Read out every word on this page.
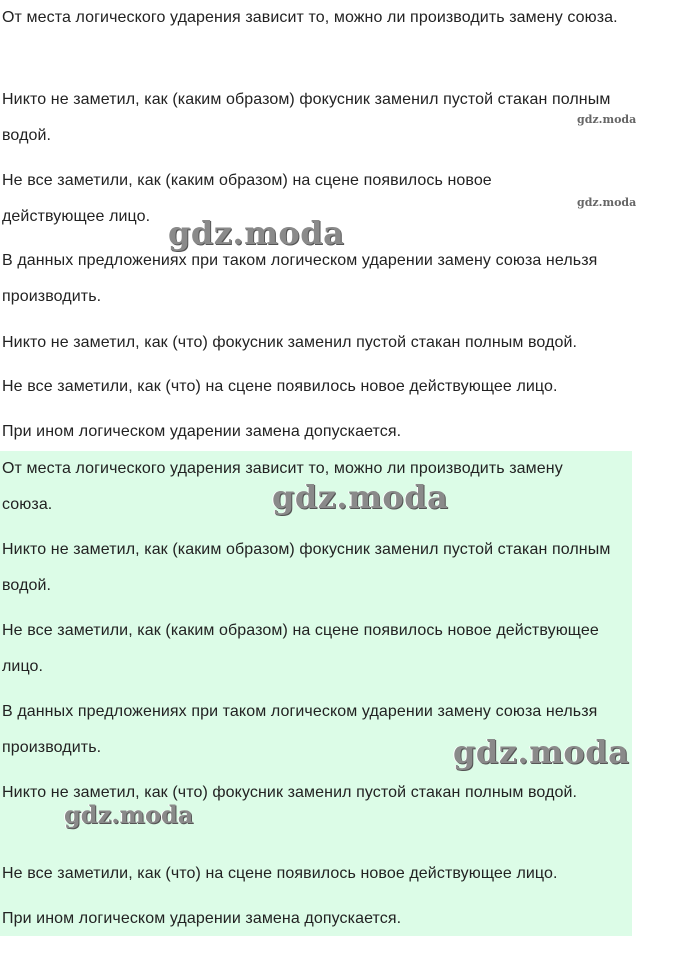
От места логического ударения зависит то, можно ли производить замену союза.

Никто не заметил, как (каким образом) фокусник заменил пустой стакан полным водой.

Не все заметили, как (каким образом) на сцене появилось новое действующее лицо.

В данных предложениях при таком логическом ударении замену союза нельзя производить.

Никто не заметил, как (что) фокусник заменил пустой стакан полным водой.

Не все заметили, как (что) на сцене появилось новое действующее лицо.

При ином логическом ударении замена допускается.

От места логического ударения зависит то, можно ли производить замену союза.

Никто не заметил, как (каким образом) фокусник заменил пустой стакан полным водой.

Не все заметили, как (каким образом) на сцене появилось новое действующее лицо.

В данных предложениях при таком логическом ударении замену союза нельзя производить.

Никто не заметил, как (что) фокусник заменил пустой стакан полным водой.

Не все заметили, как (что) на сцене появилось новое действующее лицо.

При ином логическом ударении замена допускается.

gdz.moda
gdz.moda
gdz.moda
gdz.moda
gdz.moda
gdz.moda
